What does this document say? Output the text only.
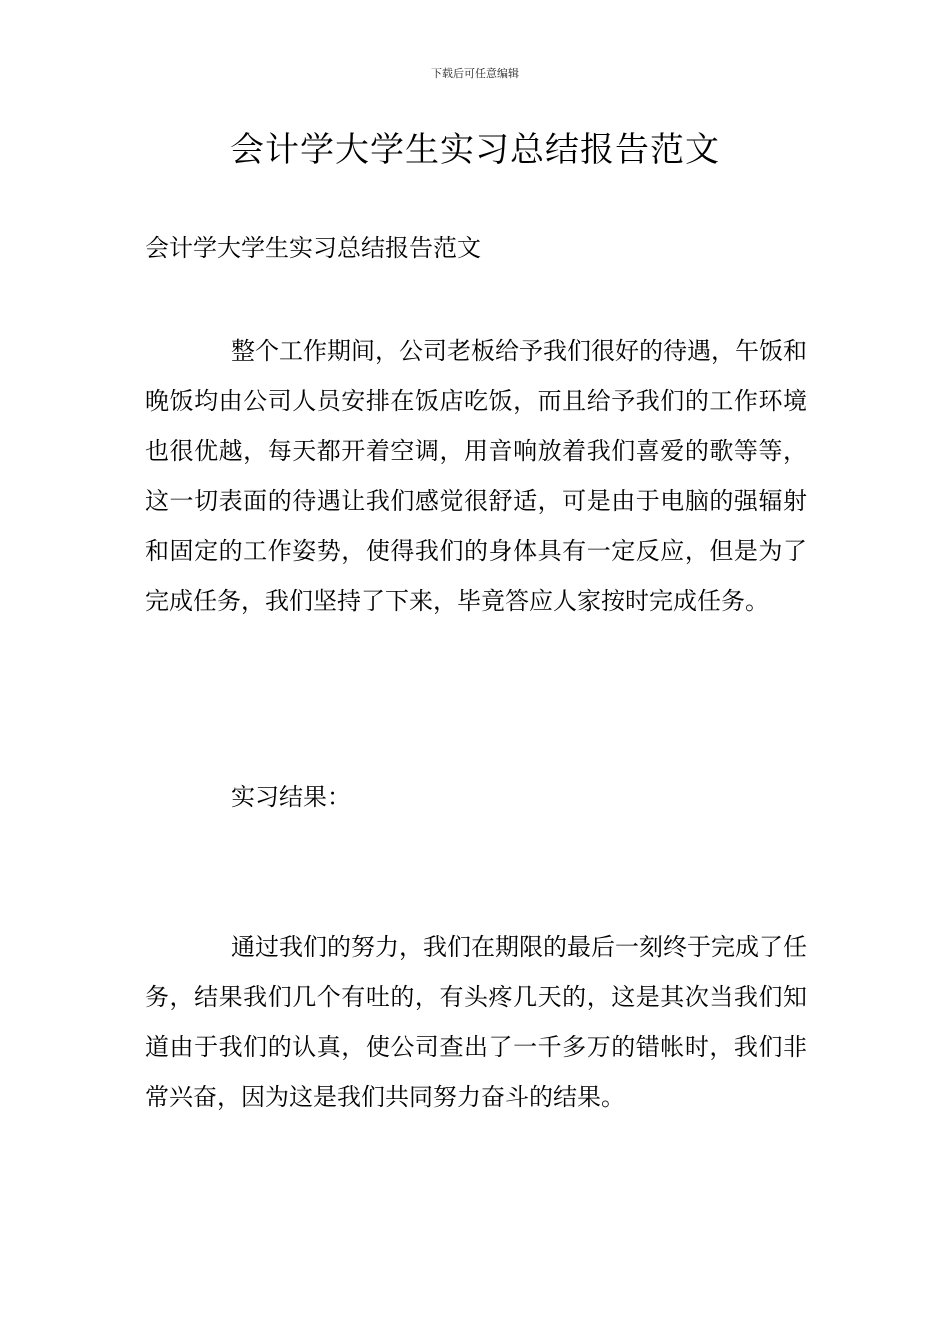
下载后可任意编辑
会计学大学生实习总结报告范文

会计学大学生实习总结报告范文

整个工作期间，公司老板给予我们很好的待遇，午饭和晚饭均由公司人员安排在饭店吃饭，而且给予我们的工作环境也很优越，每天都开着空调，用音响放着我们喜爱的歌等等，这一切表面的待遇让我们感觉很舒适，可是由于电脑的强辐射和固定的工作姿势，使得我们的身体具有一定反应，但是为了完成任务，我们坚持了下来，毕竟答应人家按时完成任务。

实习结果：

通过我们的努力，我们在期限的最后一刻终于完成了任务，结果我们几个有吐的，有头疼几天的，这是其次当我们知道由于我们的认真，使公司查出了一千多万的错帐时，我们非常兴奋，因为这是我们共同努力奋斗的结果。
